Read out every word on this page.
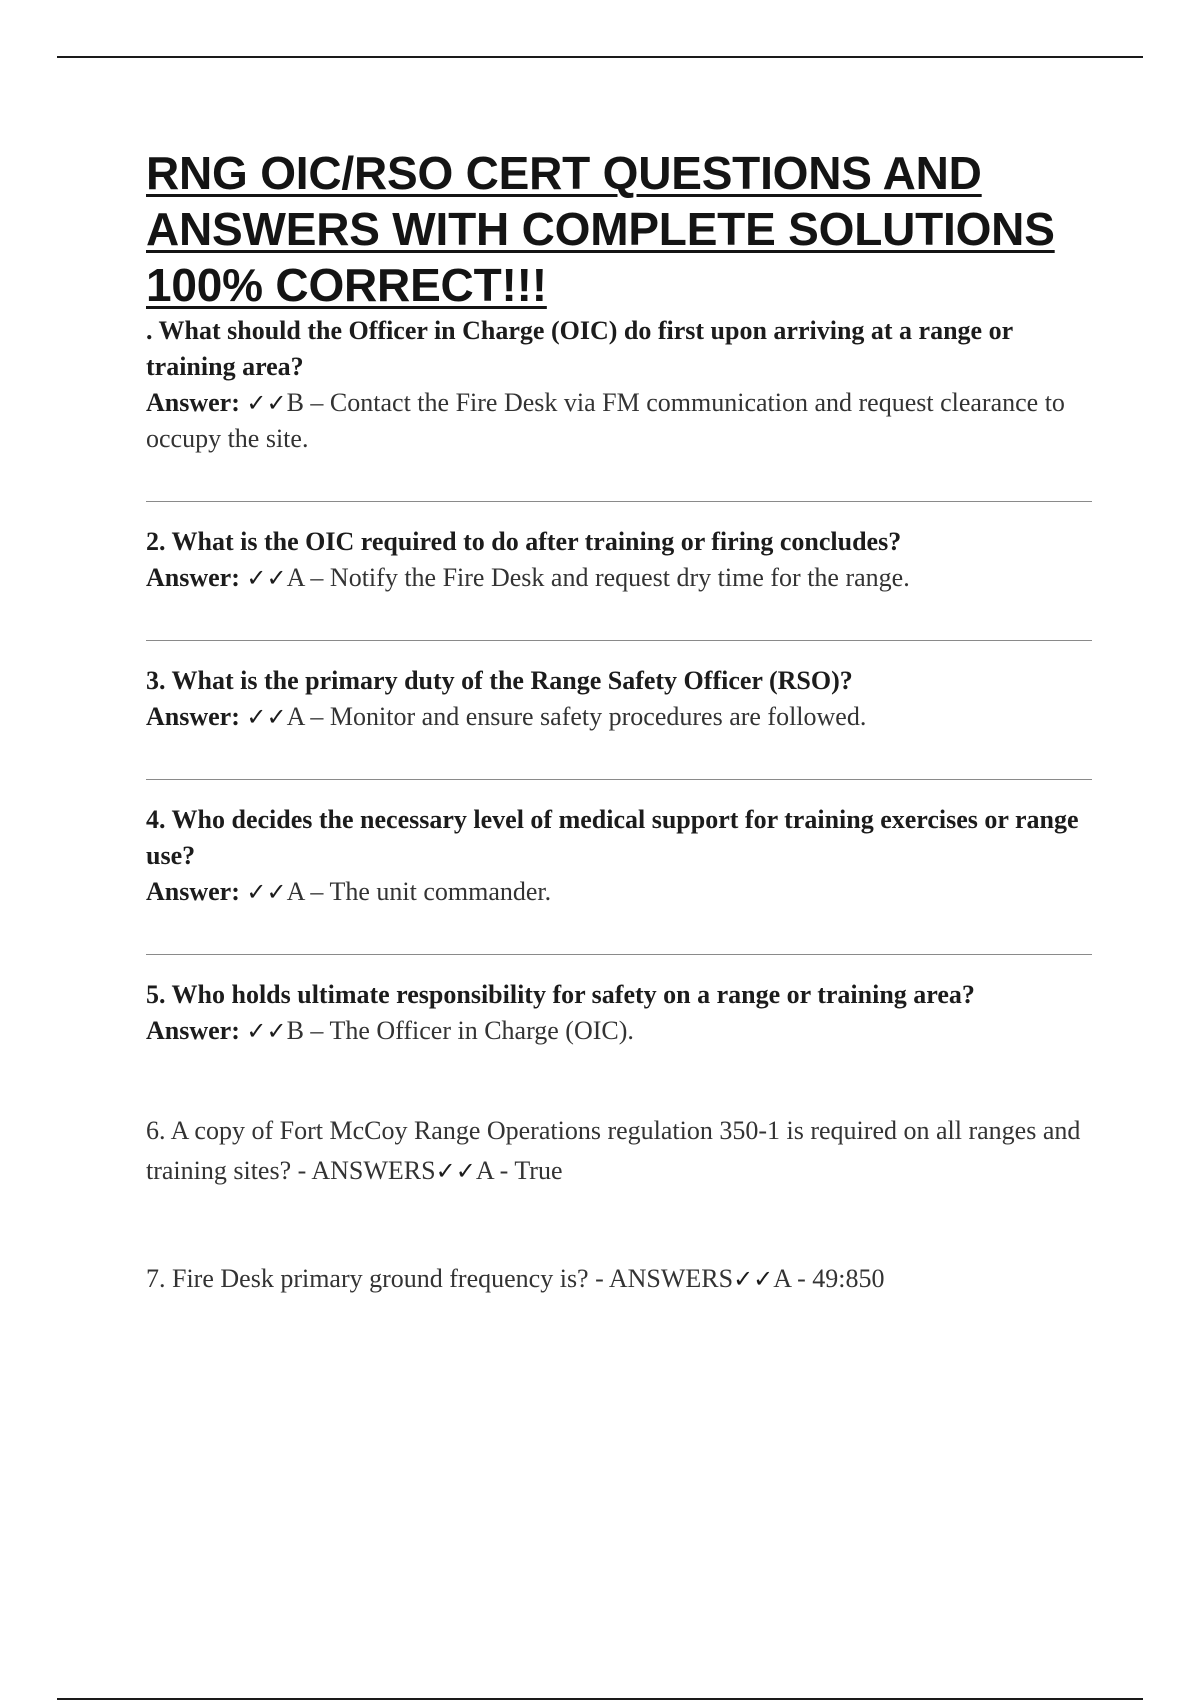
RNG OIC/RSO CERT QUESTIONS AND ANSWERS WITH COMPLETE SOLUTIONS 100% CORRECT!!!

. What should the Officer in Charge (OIC) do first upon arriving at a range or training area?

Answer: ✓✓B – Contact the Fire Desk via FM communication and request clearance to occupy the site.

2. What is the OIC required to do after training or firing concludes?

Answer: ✓✓A – Notify the Fire Desk and request dry time for the range.

3. What is the primary duty of the Range Safety Officer (RSO)?

Answer: ✓✓A – Monitor and ensure safety procedures are followed.

4. Who decides the necessary level of medical support for training exercises or range use?

Answer: ✓✓A – The unit commander.

5. Who holds ultimate responsibility for safety on a range or training area?

Answer: ✓✓B – The Officer in Charge (OIC).

6. A copy of Fort McCoy Range Operations regulation 350-1 is required on all ranges and training sites? - ANSWERS✓✓A - True

7. Fire Desk primary ground frequency is? - ANSWERS✓✓A - 49:850
